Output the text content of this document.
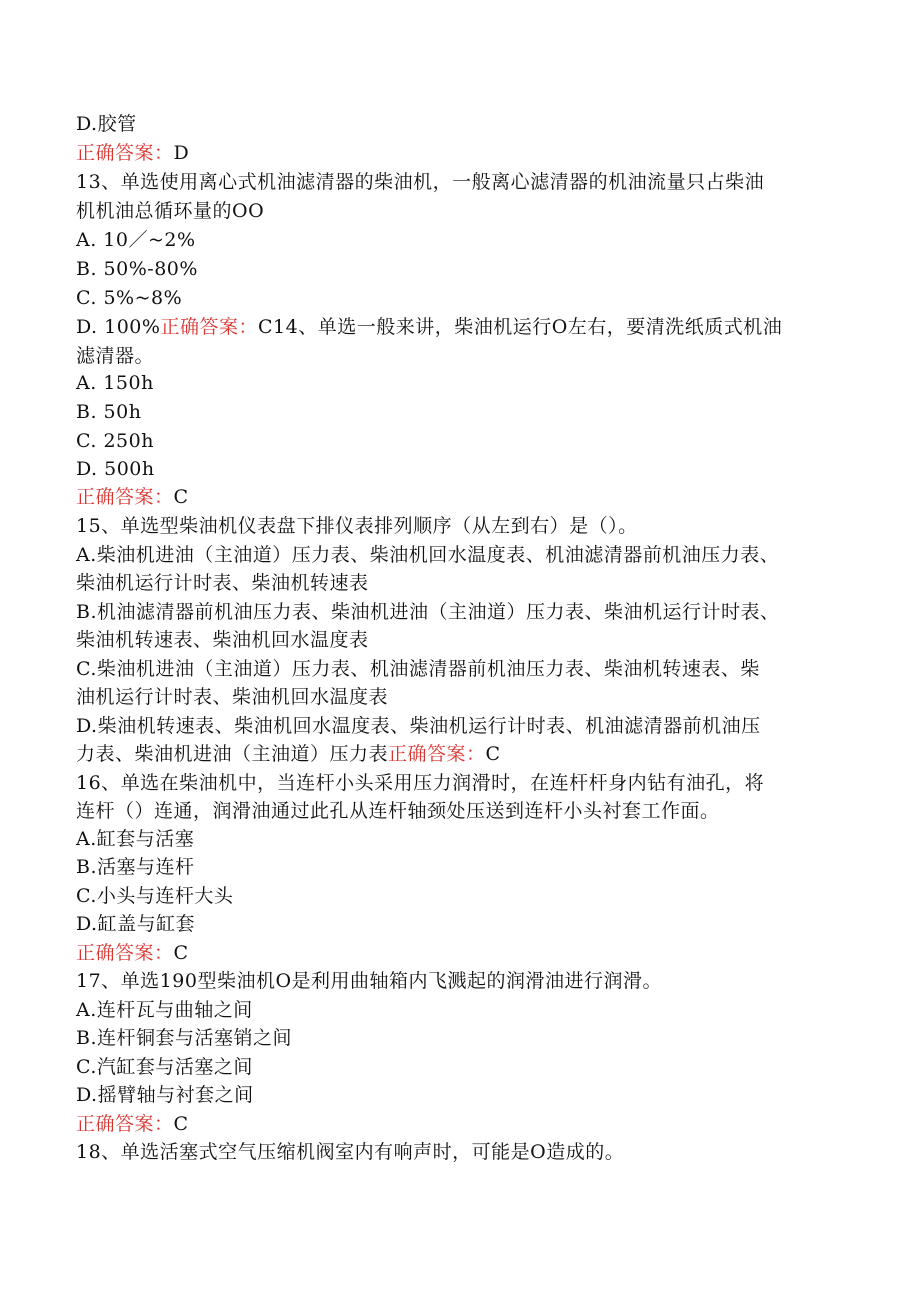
D.胶管
正确答案：D
13、单选使用离心式机油滤清器的柴油机，一般离心滤清器的机油流量只占柴油
机机油总循环量的OO
A. 10／~2%
B. 50%-80%
C. 5%~8%
D. 100%正确答案：C14、单选一般来讲，柴油机运行O左右，要清洗纸质式机油
滤清器。
A. 150h
B. 50h
C. 250h
D. 500h
正确答案：C
15、单选型柴油机仪表盘下排仪表排列顺序（从左到右）是（）。
A.柴油机进油（主油道）压力表、柴油机回水温度表、机油滤清器前机油压力表、
柴油机运行计时表、柴油机转速表
B.机油滤清器前机油压力表、柴油机进油（主油道）压力表、柴油机运行计时表、
柴油机转速表、柴油机回水温度表
C.柴油机进油（主油道）压力表、机油滤清器前机油压力表、柴油机转速表、柴
油机运行计时表、柴油机回水温度表
D.柴油机转速表、柴油机回水温度表、柴油机运行计时表、机油滤清器前机油压
力表、柴油机进油（主油道）压力表正确答案：C
16、单选在柴油机中，当连杆小头采用压力润滑时，在连杆杆身内钻有油孔，将
连杆（）连通，润滑油通过此孔从连杆轴颈处压送到连杆小头衬套工作面。
A.缸套与活塞
B.活塞与连杆
C.小头与连杆大头
D.缸盖与缸套
正确答案：C
17、单选190型柴油机O是利用曲轴箱内飞溅起的润滑油进行润滑。
A.连杆瓦与曲轴之间
B.连杆铜套与活塞销之间
C.汽缸套与活塞之间
D.摇臂轴与衬套之间
正确答案：C
18、单选活塞式空气压缩机阀室内有响声时，可能是O造成的。
